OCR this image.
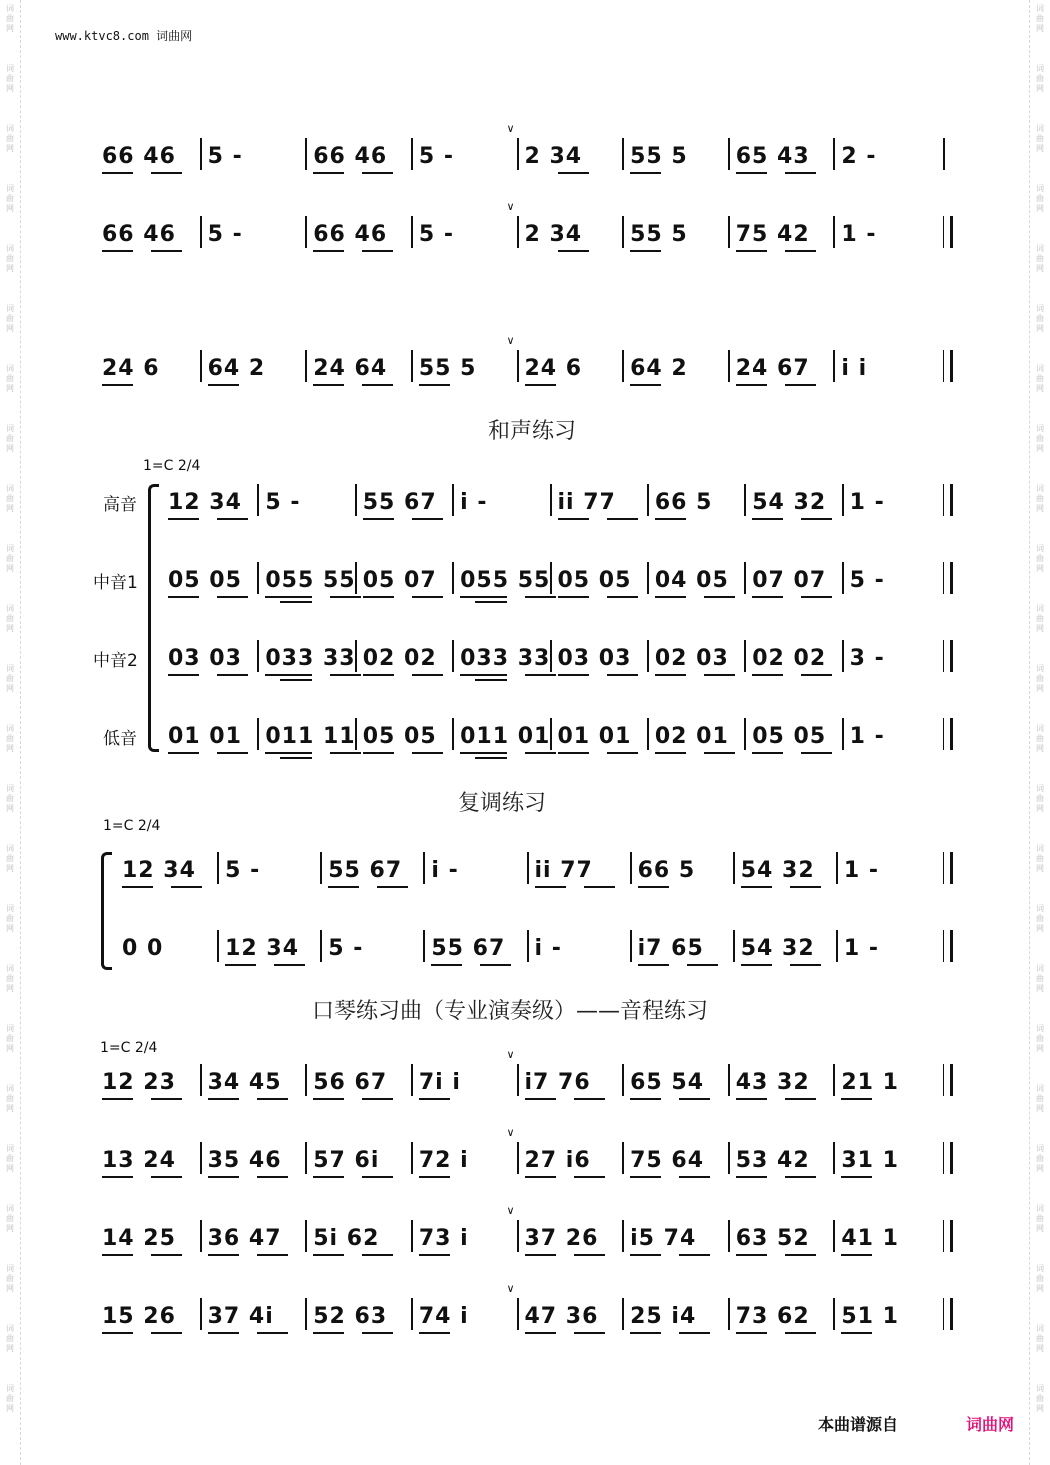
词
曲
网
词
曲
网
词
曲
网
词
曲
网
词
曲
网
词
曲
网
词
曲
网
词
曲
网
词
曲
网
词
曲
网
词
曲
网
词
曲
网
词
曲
网
词
曲
网
词
曲
网
词
曲
网
词
曲
网
词
曲
网
词
曲
网
词
曲
网
词
曲
网
词
曲
网
词
曲
网
词
曲
网
词
曲
网
词
曲
网
词
曲
网
词
曲
网
词
曲
网
词
曲
网
词
曲
网
词
曲
网
词
曲
网
词
曲
网
词
曲
网
词
曲
网
词
曲
网
词
曲
网
词
曲
网
词
曲
网
词
曲
网
词
曲
网
词
曲
网
词
曲
网
词
曲
网
词
曲
网
词
曲
网
词
曲
网
www.ktvc8.com 词曲网
和声练习
1=C 2/4
复调练习
1=C 2/4
口琴练习曲（专业演奏级）——音程练习
1=C 2/4
高音
中音1
中音2
低音
66 46 5 -	66 46 5 -
∨
2 34 55 5 65 43 2 -
66 46 5 -	66 46 5 -
∨
2 34 55 5 75 42 1 -
24 6 64 2 24 64 55 5
∨
24 6 64 2 24 67 i i
12 34 5 -	55 67 i -	ii 77 66 5 54 32 1 -
05 05 055 55 05 07 055 55 05 05 04 05 07 07 5 -
03 03 033 33 02 02 033 33 03 03 02 03 02 02 3 -
01 01 011 11 05 05 011 01 01 01 02 01 05 05 1 -
12 34 5 -	55 67 i -	ii 77 66 5 54 32 1 -
0 0	12 34 5 -	55 67 i -	i7 65 54 32 1 -
12 23 34 45 56 67 7i i
∨
i7 76 65 54 43 32 21 1
13 24 35 46 57 6i 72 i
∨
27 i6 75 64 53 42 31 1
14 25 36 47 5i 62 73 i
∨
37 26 i5 74 63 52 41 1
15 26 37 4i 52 63 74 i
∨
47 36 25 i4 73 62 51 1
本曲谱源自	词曲网
